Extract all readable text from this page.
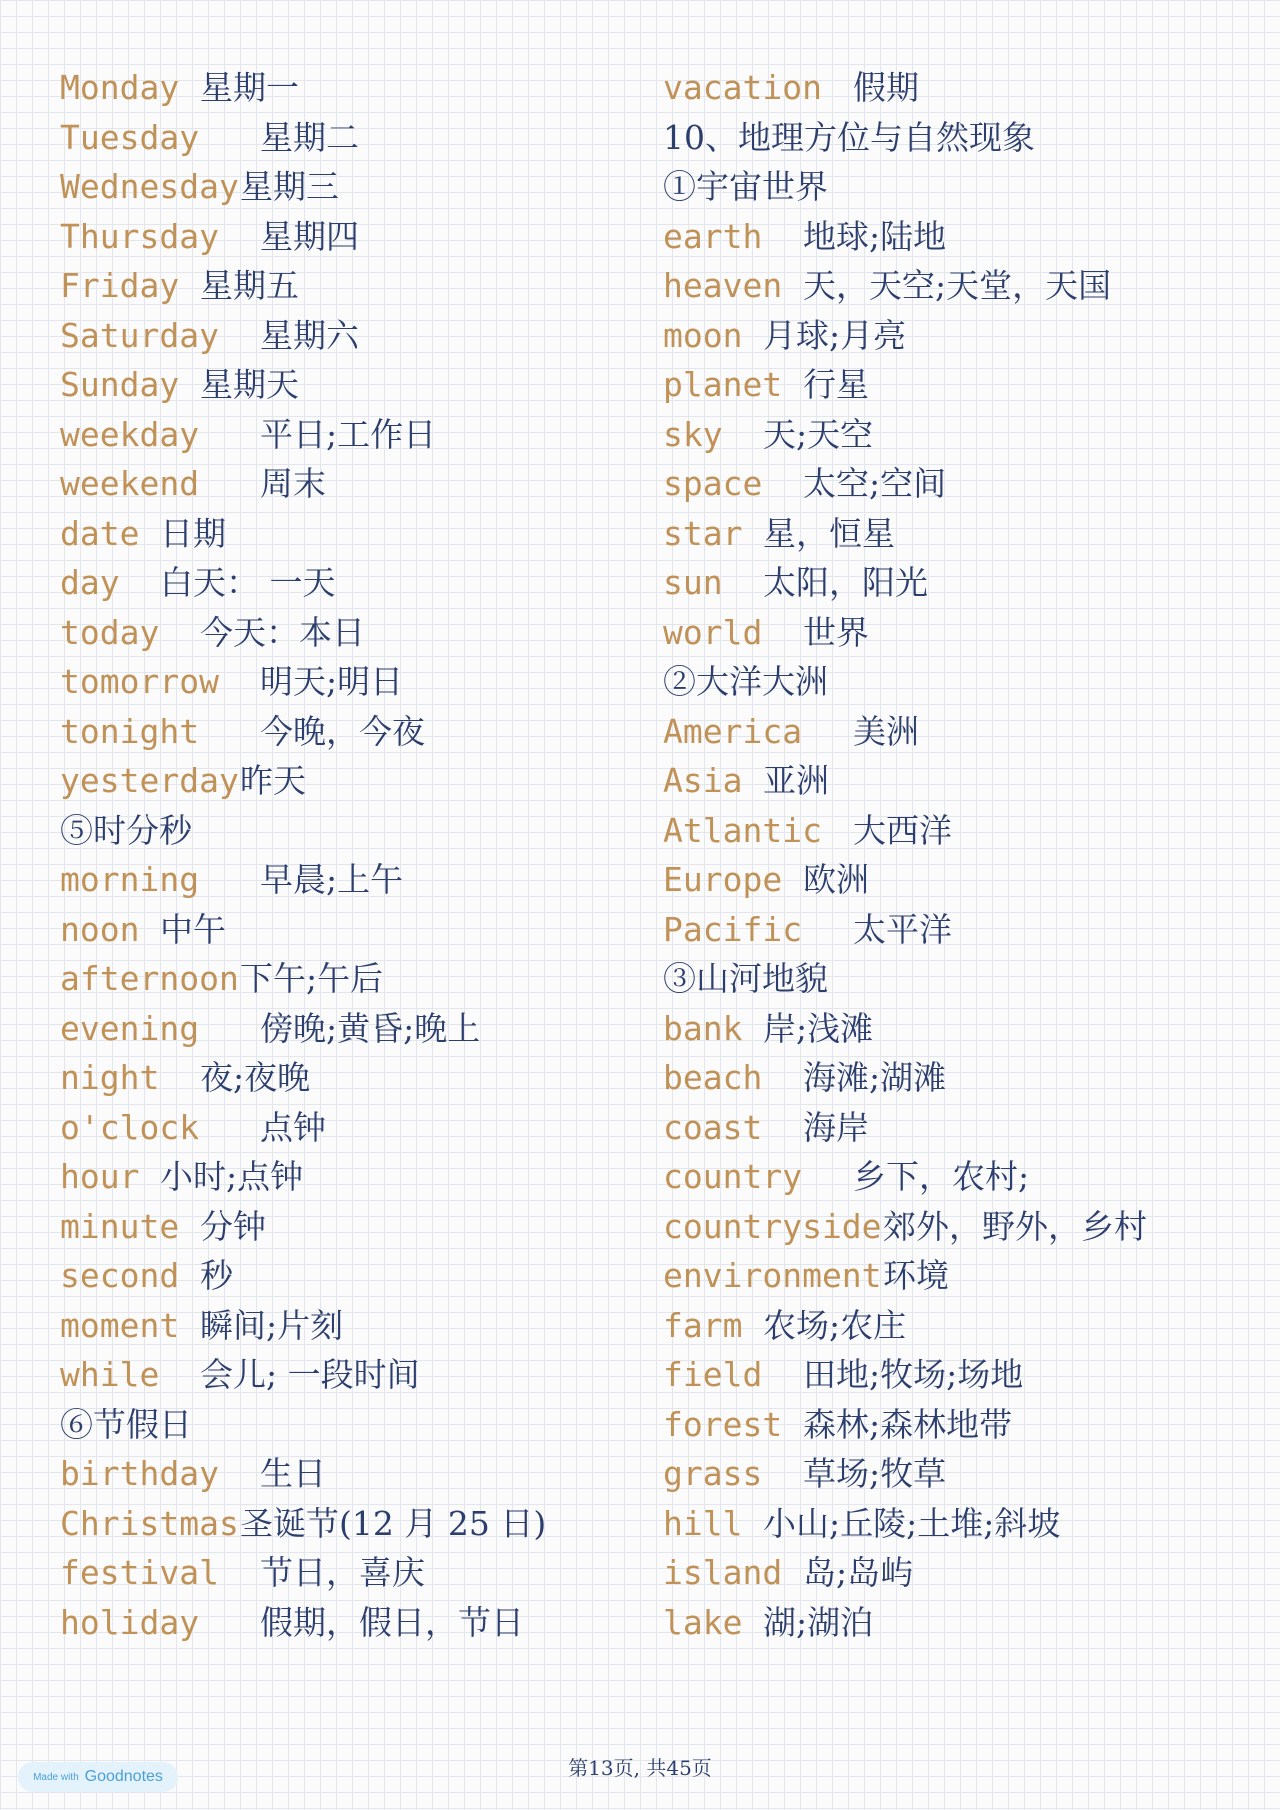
Monday 星期一
Tuesday 星期二
Wednesday星期三
Thursday 星期四
Friday 星期五
Saturday 星期六
Sunday 星期天
weekday 平日;工作日
weekend 周末
date 日期
day 白天： 一天
today 今天：本日
tomorrow 明天;明日
tonight 今晚，今夜
yesterday昨天
⑤时分秒
morning 早晨;上午
noon 中午
afternoon下午;午后
evening 傍晚;黄昏;晚上
night 夜;夜晚
o'clock 点钟
hour 小时;点钟
minute 分钟
second 秒
moment 瞬间;片刻
while 会儿; 一段时间
⑥节假日
birthday 生日
Christmas圣诞节(12 月 25 日)
festival 节日，喜庆
holiday 假期，假日，节日
vacation 假期
10、地理方位与自然现象
①宇宙世界
earth 地球;陆地
heaven 天，天空;天堂，天国
moon 月球;月亮
planet 行星
sky 天;天空
space 太空;空间
star 星，恒星
sun 太阳，阳光
world 世界
②大洋大洲
America 美洲
Asia 亚洲
Atlantic 大西洋
Europe 欧洲
Pacific 太平洋
③山河地貌
bank 岸;浅滩
beach 海滩;湖滩
coast 海岸
country 乡下，农村;
countryside郊外，野外，乡村
environment环境
farm 农场;农庄
field 田地;牧场;场地
forest 森林;森林地带
grass 草场;牧草
hill 小山;丘陵;土堆;斜坡
island 岛;岛屿
lake 湖;湖泊
第13页, 共45页
Made with Goodnotes
